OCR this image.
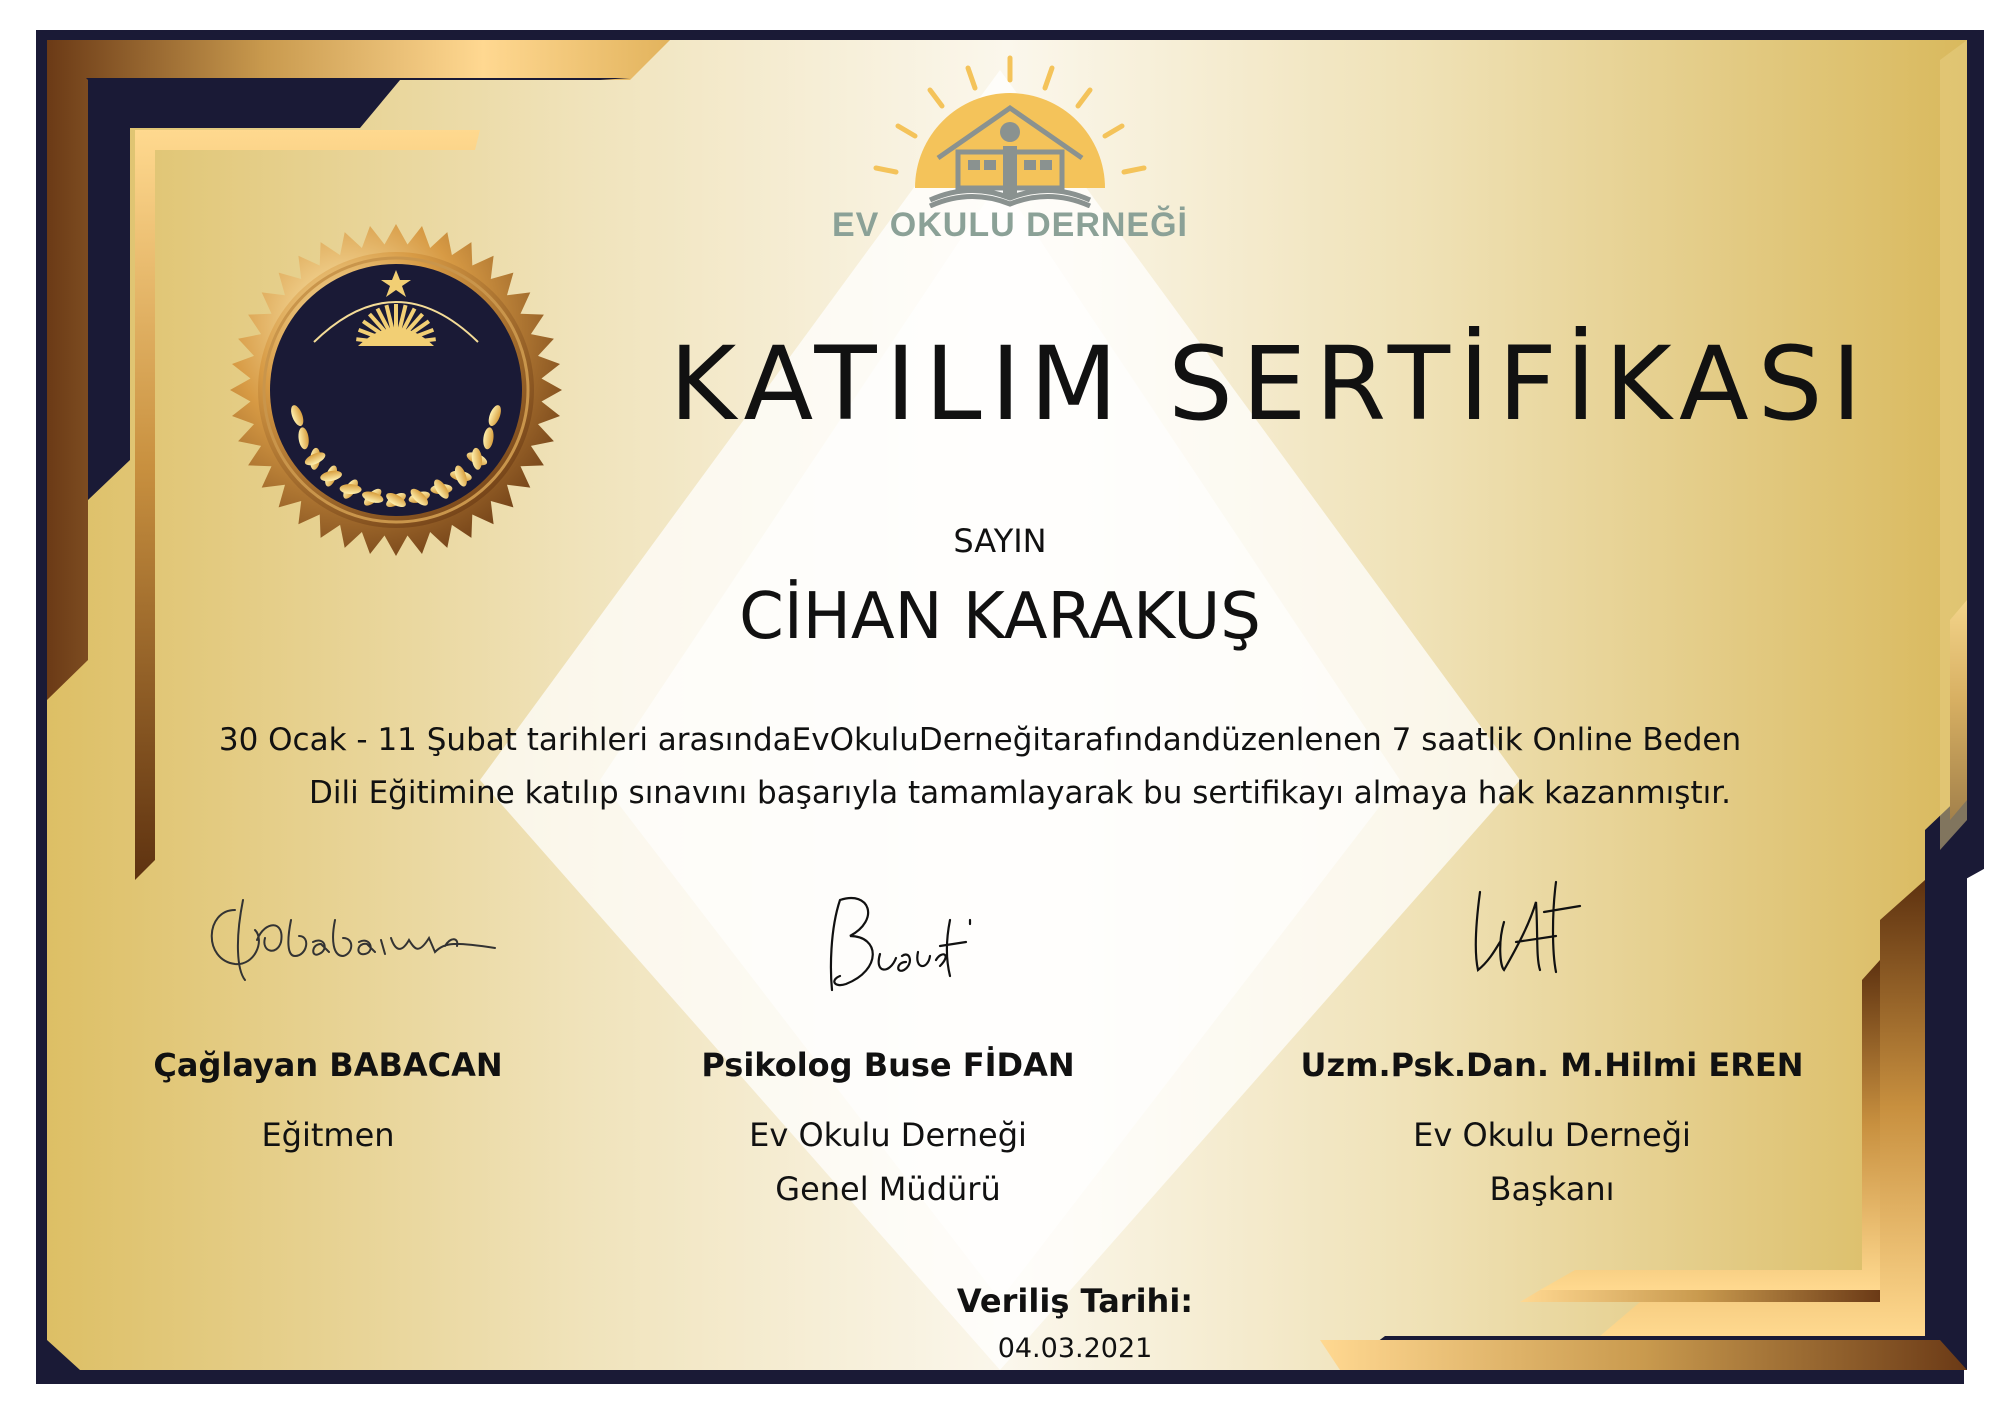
EV OKULU DERNEĞİ
KATILIM SERTİFİKASI
SAYIN
CİHAN KARAKUŞ
30 Ocak - 11 Şubat tarihleri arasındaEvOkuluDerneğitarafındandüzenlenen 7 saatlik Online Beden
Dili Eğitimine katılıp sınavını başarıyla tamamlayarak bu sertifikayı almaya hak kazanmıştır.
Çağlayan BABACAN
Eğitmen
Psikolog Buse FİDAN
Ev Okulu Derneği
Genel Müdürü
Uzm.Psk.Dan. M.Hilmi EREN
Ev Okulu Derneği
Başkanı
Veriliş Tarihi:
04.03.2021
